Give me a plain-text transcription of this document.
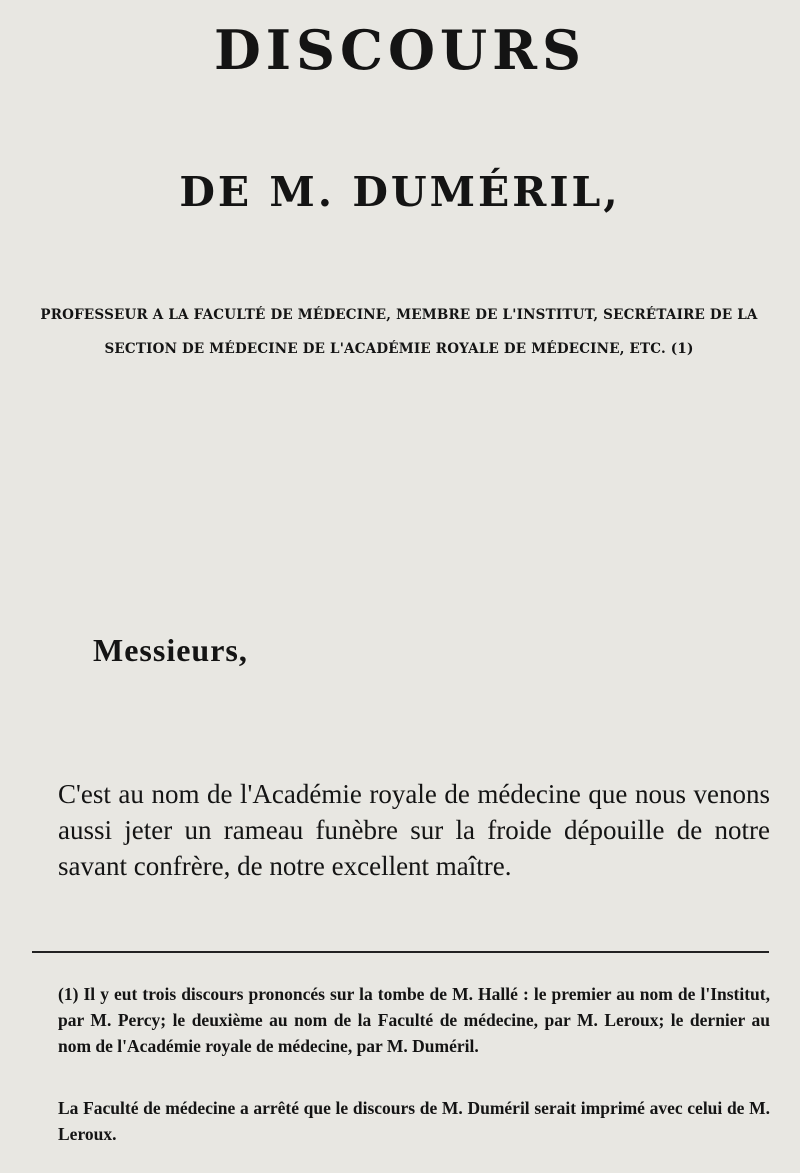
DISCOURS
DE M. DUMÉRIL,

PROFESSEUR A LA FACULTÉ DE MÉDECINE, MEMBRE DE L'INSTITUT, SECRÉTAIRE DE LA SECTION DE MÉDECINE DE L'ACADÉMIE ROYALE DE MÉDECINE, ETC. (1)

Messieurs,

C'est au nom de l'Académie royale de médecine que nous venons aussi jeter un rameau funèbre sur la froide dépouille de notre savant confrère, de notre excellent maître.

(1) Il y eut trois discours prononcés sur la tombe de M. Hallé : le premier au nom de l'Institut, par M. Percy; le deuxième au nom de la Faculté de médecine, par M. Leroux; le dernier au nom de l'Académie royale de médecine, par M. Duméril.

La Faculté de médecine a arrêté que le discours de M. Duméril serait imprimé avec celui de M. Leroux.
